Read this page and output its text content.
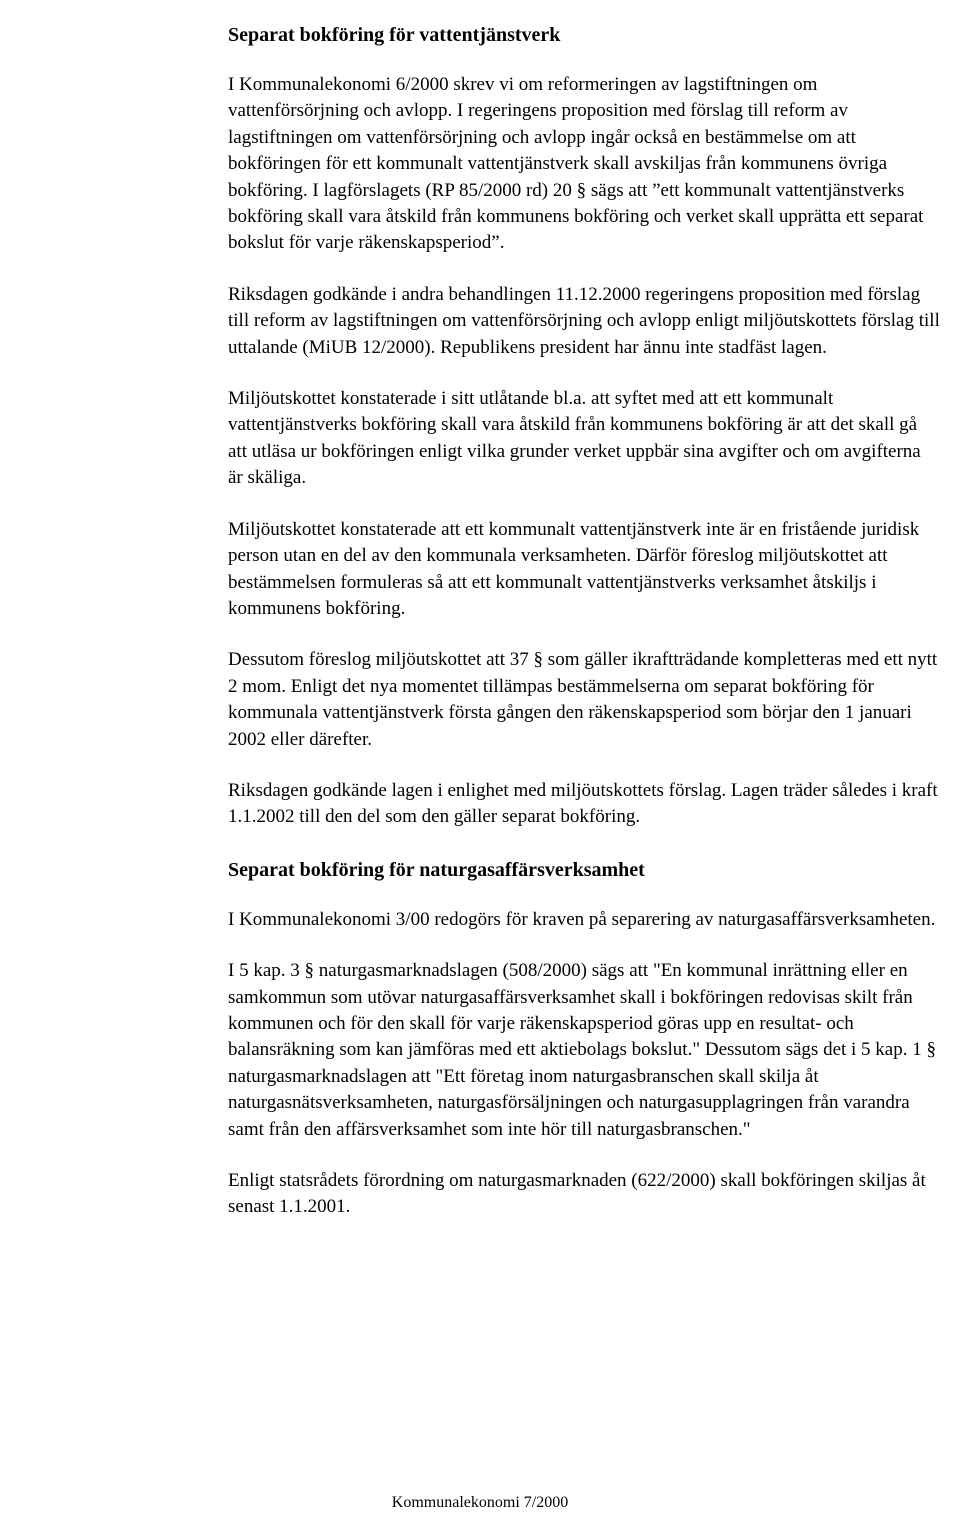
Separat bokföring för vattentjänstverk

I Kommunalekonomi 6/2000 skrev vi om reformeringen av lagstiftningen om vattenförsörjning och avlopp. I regeringens proposition med förslag till reform av lagstiftningen om vattenförsörjning och avlopp ingår också en bestämmelse om att bokföringen för ett kommunalt vattentjänstverk skall avskiljas från kommunens övriga bokföring. I lagförslagets (RP 85/2000 rd) 20 § sägs att ”ett kommunalt vattentjänstverks bokföring skall vara åtskild från kommunens bokföring och verket skall upprätta ett separat bokslut för varje räkenskapsperiod”.

Riksdagen godkände i andra behandlingen 11.12.2000 regeringens proposition med förslag till reform av lagstiftningen om vattenförsörjning och avlopp enligt miljöutskottets förslag till uttalande (MiUB 12/2000). Republikens president har ännu inte stadfäst lagen.

Miljöutskottet konstaterade i sitt utlåtande bl.a. att syftet med att ett kommunalt vattentjänstverks bokföring skall vara åtskild från kommunens bokföring är att det skall gå att utläsa ur bokföringen enligt vilka grunder verket uppbär sina avgifter och om avgifterna är skäliga.

Miljöutskottet konstaterade att ett kommunalt vattentjänstverk inte är en fristående juridisk person utan en del av den kommunala verksamheten. Därför föreslog miljöutskottet att bestämmelsen formuleras så att ett kommunalt vattentjänstverks verksamhet åtskiljs i kommunens bokföring.

Dessutom föreslog miljöutskottet att 37 § som gäller ikraftträdande kompletteras med ett nytt 2 mom. Enligt det nya momentet tillämpas bestämmelserna om separat bokföring för kommunala vattentjänstverk första gången den räkenskapsperiod som börjar den 1 januari 2002 eller därefter.

Riksdagen godkände lagen i enlighet med miljöutskottets förslag. Lagen träder således i kraft 1.1.2002 till den del som den gäller separat bokföring.

Separat bokföring för naturgasaffärsverksamhet

I Kommunalekonomi 3/00 redogörs för kraven på separering av naturgasaffärsverksamheten.

I 5 kap. 3 § naturgasmarknadslagen (508/2000) sägs att "En kommunal inrättning eller en samkommun som utövar naturgasaffärsverksamhet skall i bokföringen redovisas skilt från kommunen och för den skall för varje räkenskapsperiod göras upp en resultat- och balansräkning som kan jämföras med ett aktiebolags bokslut." Dessutom sägs det i 5 kap. 1 § naturgasmarknadslagen att "Ett företag inom naturgasbranschen skall skilja åt naturgasnätsverksamheten, naturgasförsäljningen och naturgasupplagringen från varandra samt från den affärsverksamhet som inte hör till naturgasbranschen."

Enligt statsrådets förordning om naturgasmarknaden (622/2000) skall bokföringen skiljas åt senast 1.1.2001.

Kommunalekonomi 7/2000
